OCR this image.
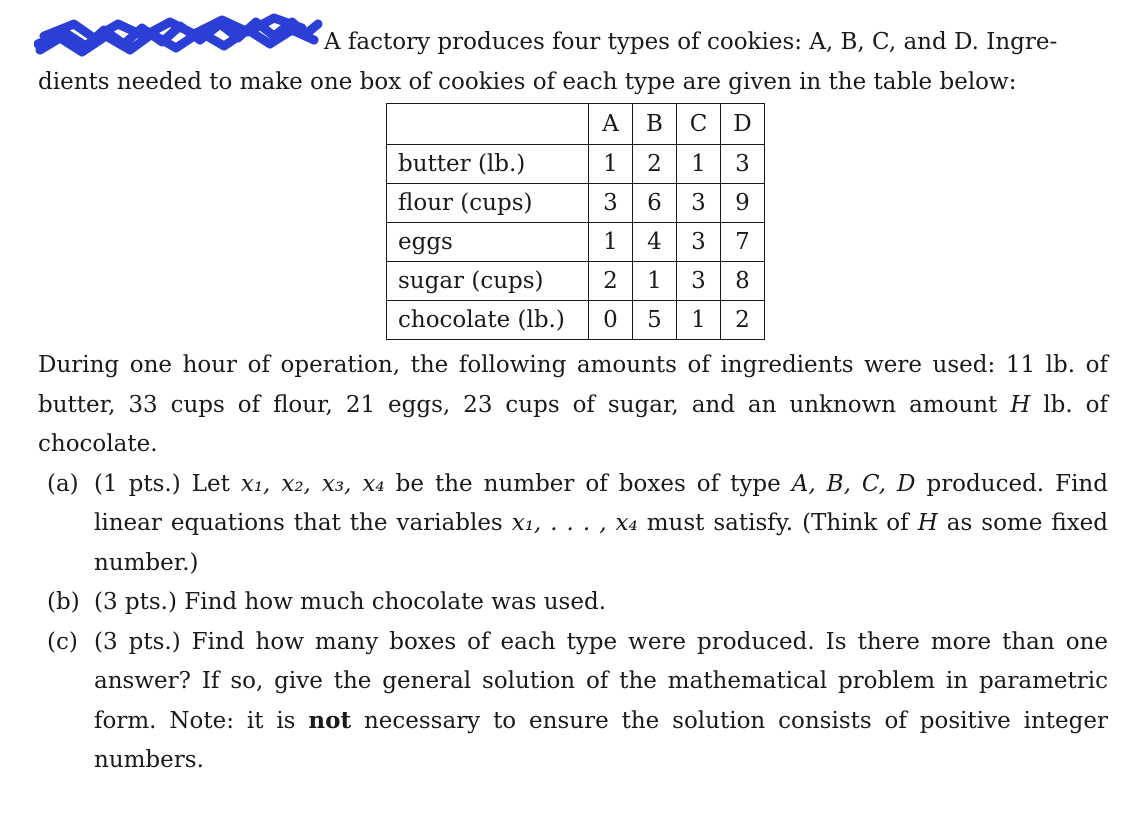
A factory produces four types of cookies: A, B, C, and D. Ingre-
dients needed to make one box of cookies of each type are given in the table below:
	A	B	C	D
butter (lb.)	1	2	1	3
flour (cups)	3	6	3	9
eggs	1	4	3	7
sugar (cups)	2	1	3	8
chocolate (lb.)	0	5	1	2
During one hour of operation, the following amounts of ingredients were used: 11 lb. of
butter, 33 cups of flour, 21 eggs, 23 cups of sugar, and an unknown amount H lb. of
chocolate.
(a) (1 pts.) Let x₁, x₂, x₃, x₄ be the number of boxes of type A, B, C, D produced. Find
linear equations that the variables x₁, . . . , x₄ must satisfy. (Think of H as some fixed
number.)
(b) (3 pts.) Find how much chocolate was used.
(c) (3 pts.) Find how many boxes of each type were produced. Is there more than one
answer? If so, give the general solution of the mathematical problem in parametric
form. Note: it is not necessary to ensure the solution consists of positive integer
numbers.
